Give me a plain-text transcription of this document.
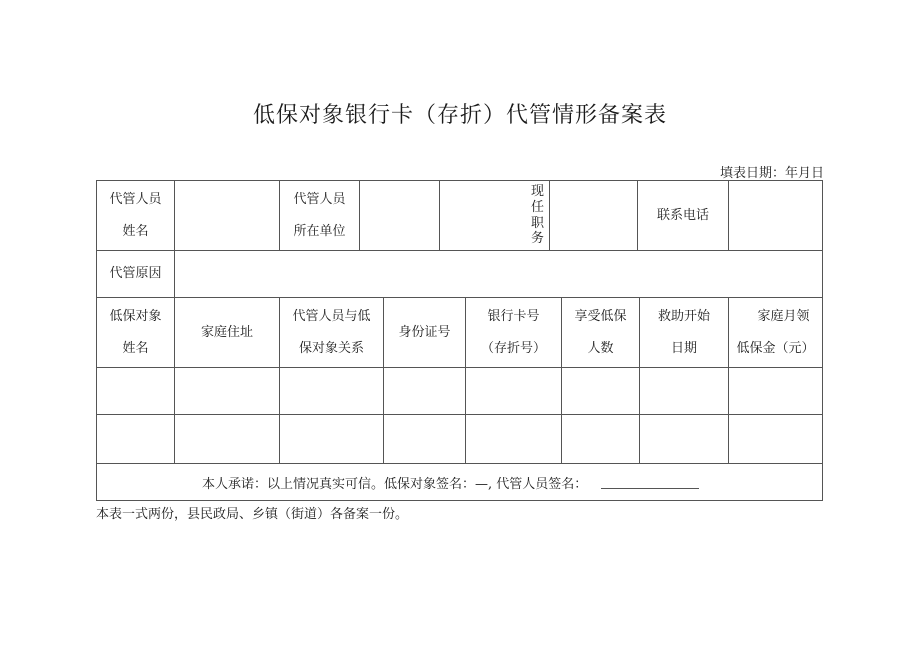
低保对象银行卡（存折）代管情形备案表
填表日期：年月日
代管人员
姓名
代管人员
所在单位
现任职务
联系电话
代管原因
低保对象
姓名
家庭住址
代管人员与低
保对象关系
身份证号
银行卡号
（存折号）
享受低保
人数
救助开始
日期
家庭月领
低保金（元）
本人承诺：以上情况真实可信。低保对象签名：—, 代管人员签名：
本表一式两份，县民政局、乡镇（街道）各备案一份。
